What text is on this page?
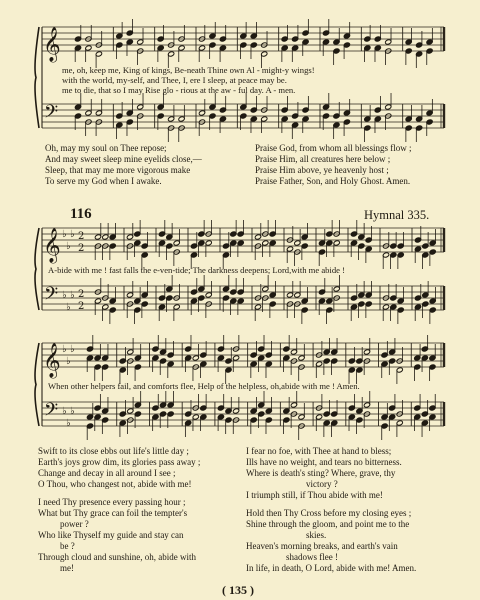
𝄞
𝄢
𝄞
𝄢
♭
♭
♭
♭
♭
♭
2
2
2
2
𝄞
𝄢
♭
♭
♭
♭
♭
♭
me, oh, keep me, King of kings, Be-neath Thine own Al - might-y wings!
with the world, my-self, and Thee, I, ere I sleep, at peace may be.
me to die, that so I may Rise glo - rious at the aw - ful day. A - men.
Oh, may my soul on Thee repose;
And may sweet sleep mine eyelids close,—
Sleep, that may me more vigorous make
To serve my God when I awake.
Praise God, from whom all blessings flow ;
Praise Him, all creatures here below ;
Praise Him above, ye heavenly host ;
Praise Father, Son, and Holy Ghost. Amen.
116	Hymnal 335.
A-bide with me ! fast falls the e-ven-tide; The darkness deepens; Lord,with me abide !
When other helpers fail, and comforts flee, Help of the helpless, oh,abide with me ! Amen.
Swift to its close ebbs out life's little day ;
Earth's joys grow dim, its glories pass away ;
Change and decay in all around I see ;
O Thou, who changest not, abide with me!
I need Thy presence every passing hour ;
What but Thy grace can foil the tempter's
power ?
Who like Thyself my guide and stay can
be ?
Through cloud and sunshine, oh, abide with
me!
I fear no foe, with Thee at hand to bless;
Ills have no weight, and tears no bitterness.
Where is death's sting? Where, grave, thy
victory ?
I triumph still, if Thou abide with me!
Hold then Thy Cross before my closing eyes ;
Shine through the gloom, and point me to the
skies.
Heaven's morning breaks, and earth's vain
shadows flee !
In life, in death, O Lord, abide with me! Amen.
( 135 )
